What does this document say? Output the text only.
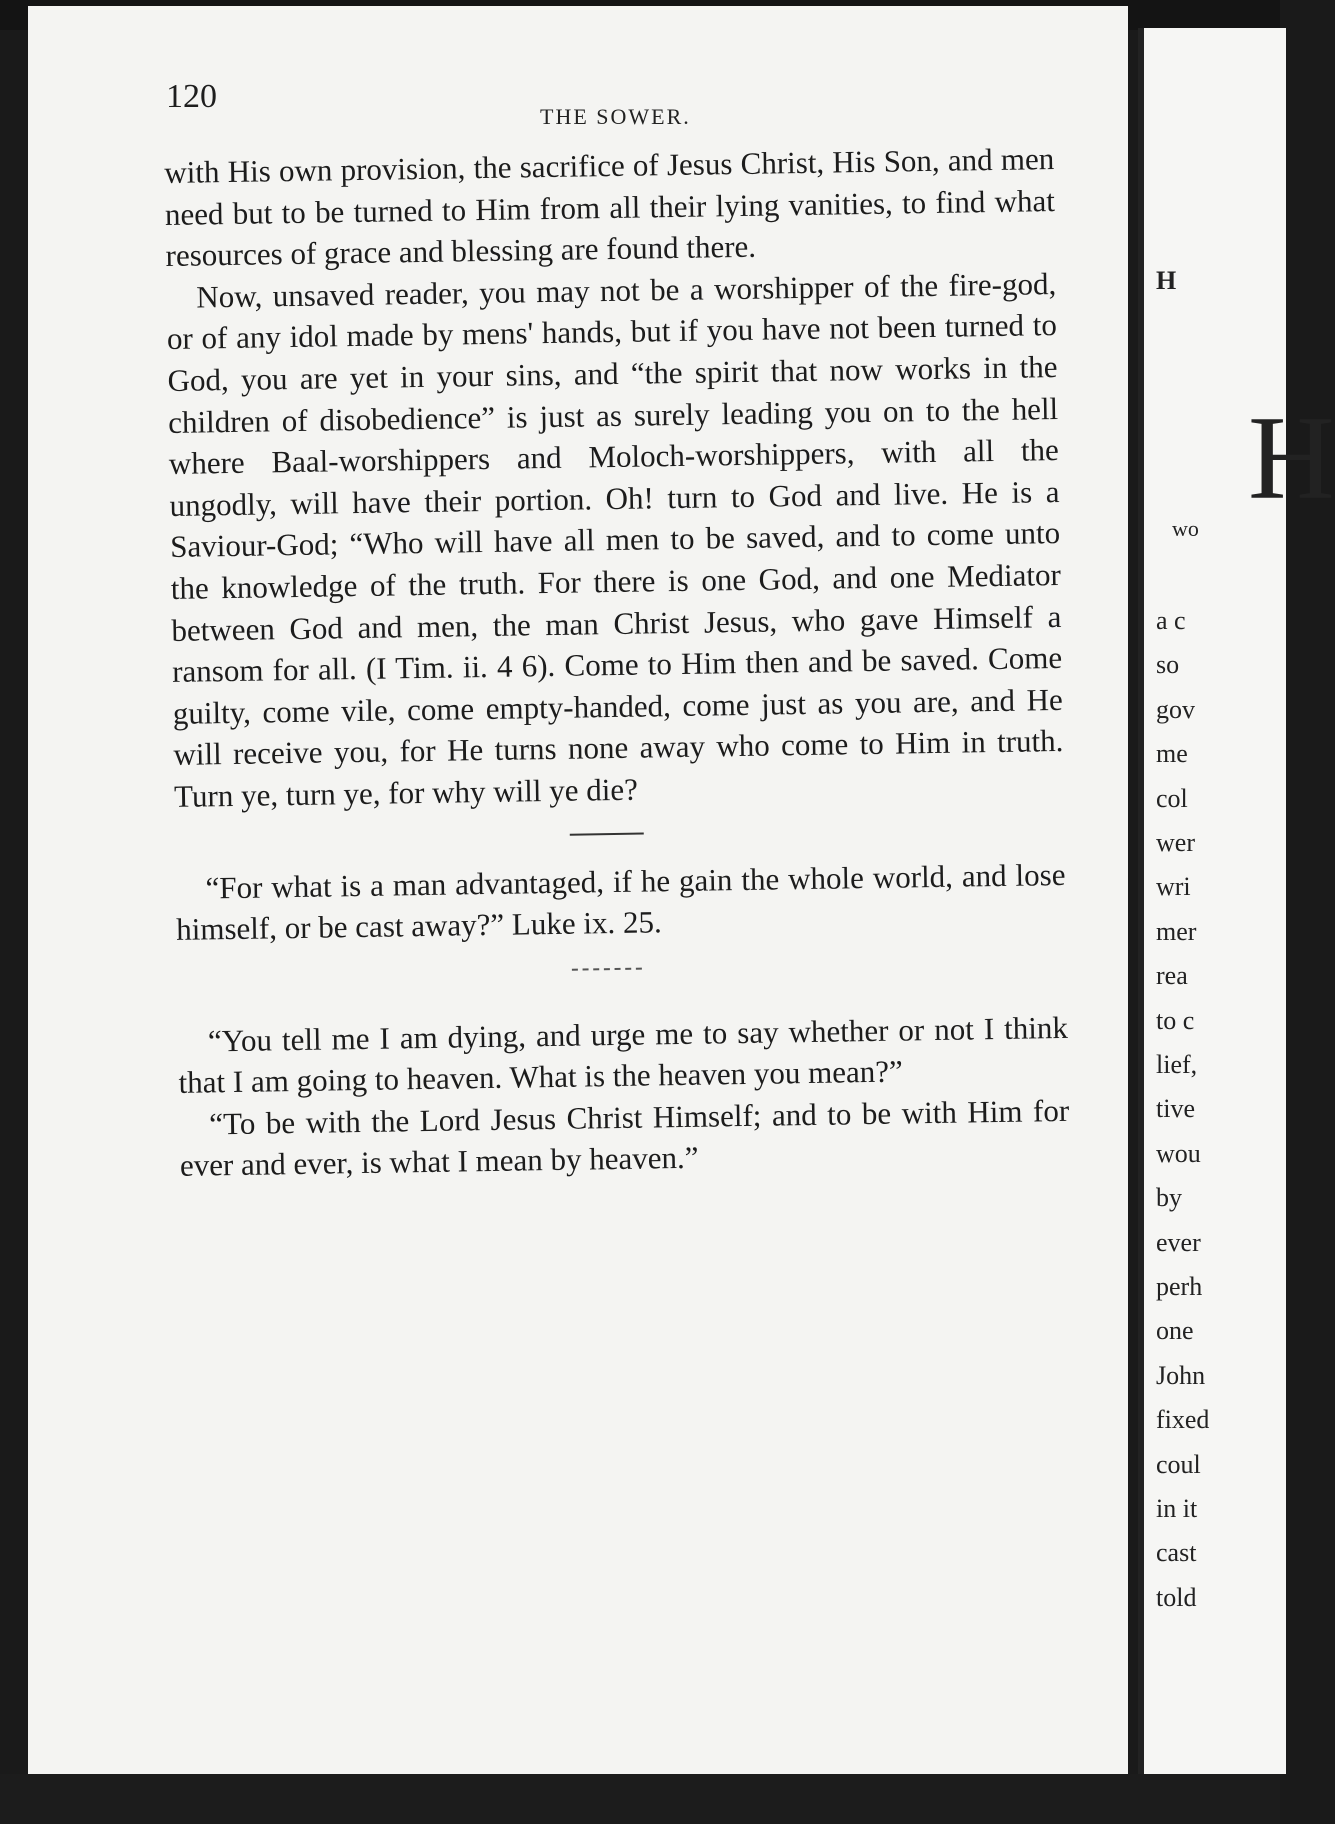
120
THE SOWER.

with His own provision, the sacrifice of Jesus Christ, His Son, and men need but to be turned to Him from all their lying vanities, to find what resources of grace and blessing are found there.

Now, unsaved reader, you may not be a worshipper of the fire-god, or of any idol made by mens' hands, but if you have not been turned to God, you are yet in your sins, and “the spirit that now works in the children of disobedience” is just as surely leading you on to the hell where Baal-worshippers and Moloch-worshippers, with all the ungodly, will have their portion. Oh! turn to God and live. He is a Saviour-God; “Who will have all men to be saved, and to come unto the knowledge of the truth. For there is one God, and one Mediator between God and men, the man Christ Jesus, who gave Himself a ransom for all. (I Tim. ii. 4 6). Come to Him then and be saved. Come guilty, come vile, come empty-handed, come just as you are, and He will receive you, for He turns none away who come to Him in truth. Turn ye, turn ye, for why will ye die?

“For what is a man advantaged, if he gain the whole world, and lose himself, or be cast away?” Luke ix. 25.

“You tell me I am dying, and urge me to say whether or not I think that I am going to heaven. What is the heaven you mean?”

“To be with the Lord Jesus Christ Himself; and to be with Him for ever and ever, is what I mean by heaven.”

H
H
wo
a c
so
gov
me
col
wer
wri
mer
rea
to c
lief,
tive
wou
by
ever
perh
one
John
fixed
coul
in it
cast
told
